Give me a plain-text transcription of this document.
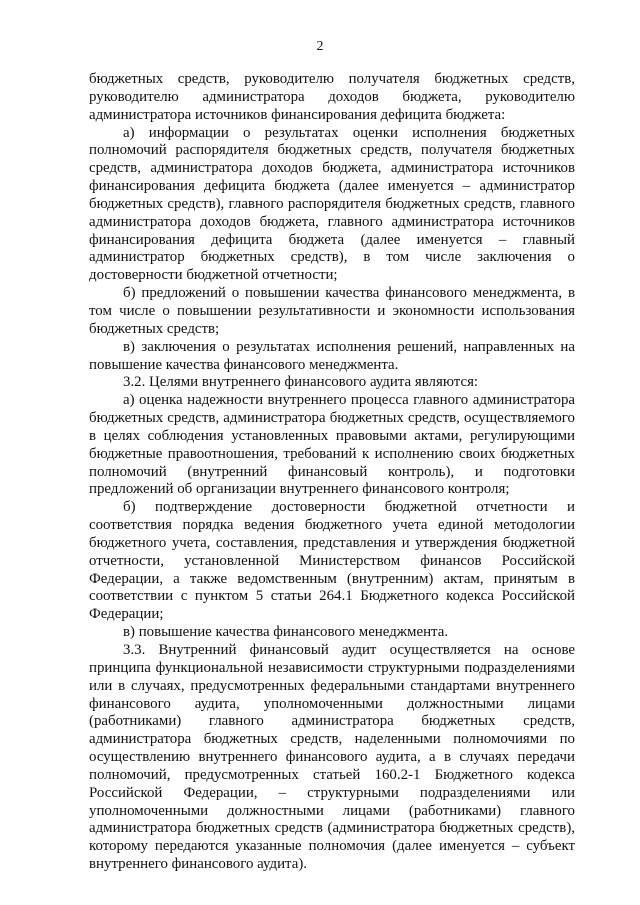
2

бюджетных средств, руководителю получателя бюджетных средств, руководителю администратора доходов бюджета, руководителю администратора источников финансирования дефицита бюджета:

а) информации о результатах оценки исполнения бюджетных полномочий распорядителя бюджетных средств, получателя бюджетных средств, администратора доходов бюджета, администратора источников финансирования дефицита бюджета (далее именуется – администратор бюджетных средств), главного распорядителя бюджетных средств, главного администратора доходов бюджета, главного администратора источников финансирования дефицита бюджета (далее именуется – главный администратор бюджетных средств), в том числе заключения о достоверности бюджетной отчетности;

б) предложений о повышении качества финансового менеджмента, в том числе о повышении результативности и экономности использования бюджетных средств;

в) заключения о результатах исполнения решений, направленных на повышение качества финансового менеджмента.

3.2. Целями внутреннего финансового аудита являются:

а) оценка надежности внутреннего процесса главного администратора бюджетных средств, администратора бюджетных средств, осуществляемого в целях соблюдения установленных правовыми актами, регулирующими бюджетные правоотношения, требований к исполнению своих бюджетных полномочий (внутренний финансовый контроль), и подготовки предложений об организации внутреннего финансового контроля;

б) подтверждение достоверности бюджетной отчетности и соответствия порядка ведения бюджетного учета единой методологии бюджетного учета, составления, представления и утверждения бюджетной отчетности, установленной Министерством финансов Российской Федерации, а также ведомственным (внутренним) актам, принятым в соответствии с пунктом 5 статьи 264.1 Бюджетного кодекса Российской Федерации;

в) повышение качества финансового менеджмента.

3.3. Внутренний финансовый аудит осуществляется на основе принципа функциональной независимости структурными подразделениями или в случаях, предусмотренных федеральными стандартами внутреннего финансового аудита, уполномоченными должностными лицами (работниками) главного администратора бюджетных средств, администратора бюджетных средств, наделенными полномочиями по осуществлению внутреннего финансового аудита, а в случаях передачи полномочий, предусмотренных статьей 160.2-1 Бюджетного кодекса Российской Федерации, – структурными подразделениями или уполномоченными должностными лицами (работниками) главного администратора бюджетных средств (администратора бюджетных средств), которому передаются указанные полномочия (далее именуется – субъект внутреннего финансового аудита).
